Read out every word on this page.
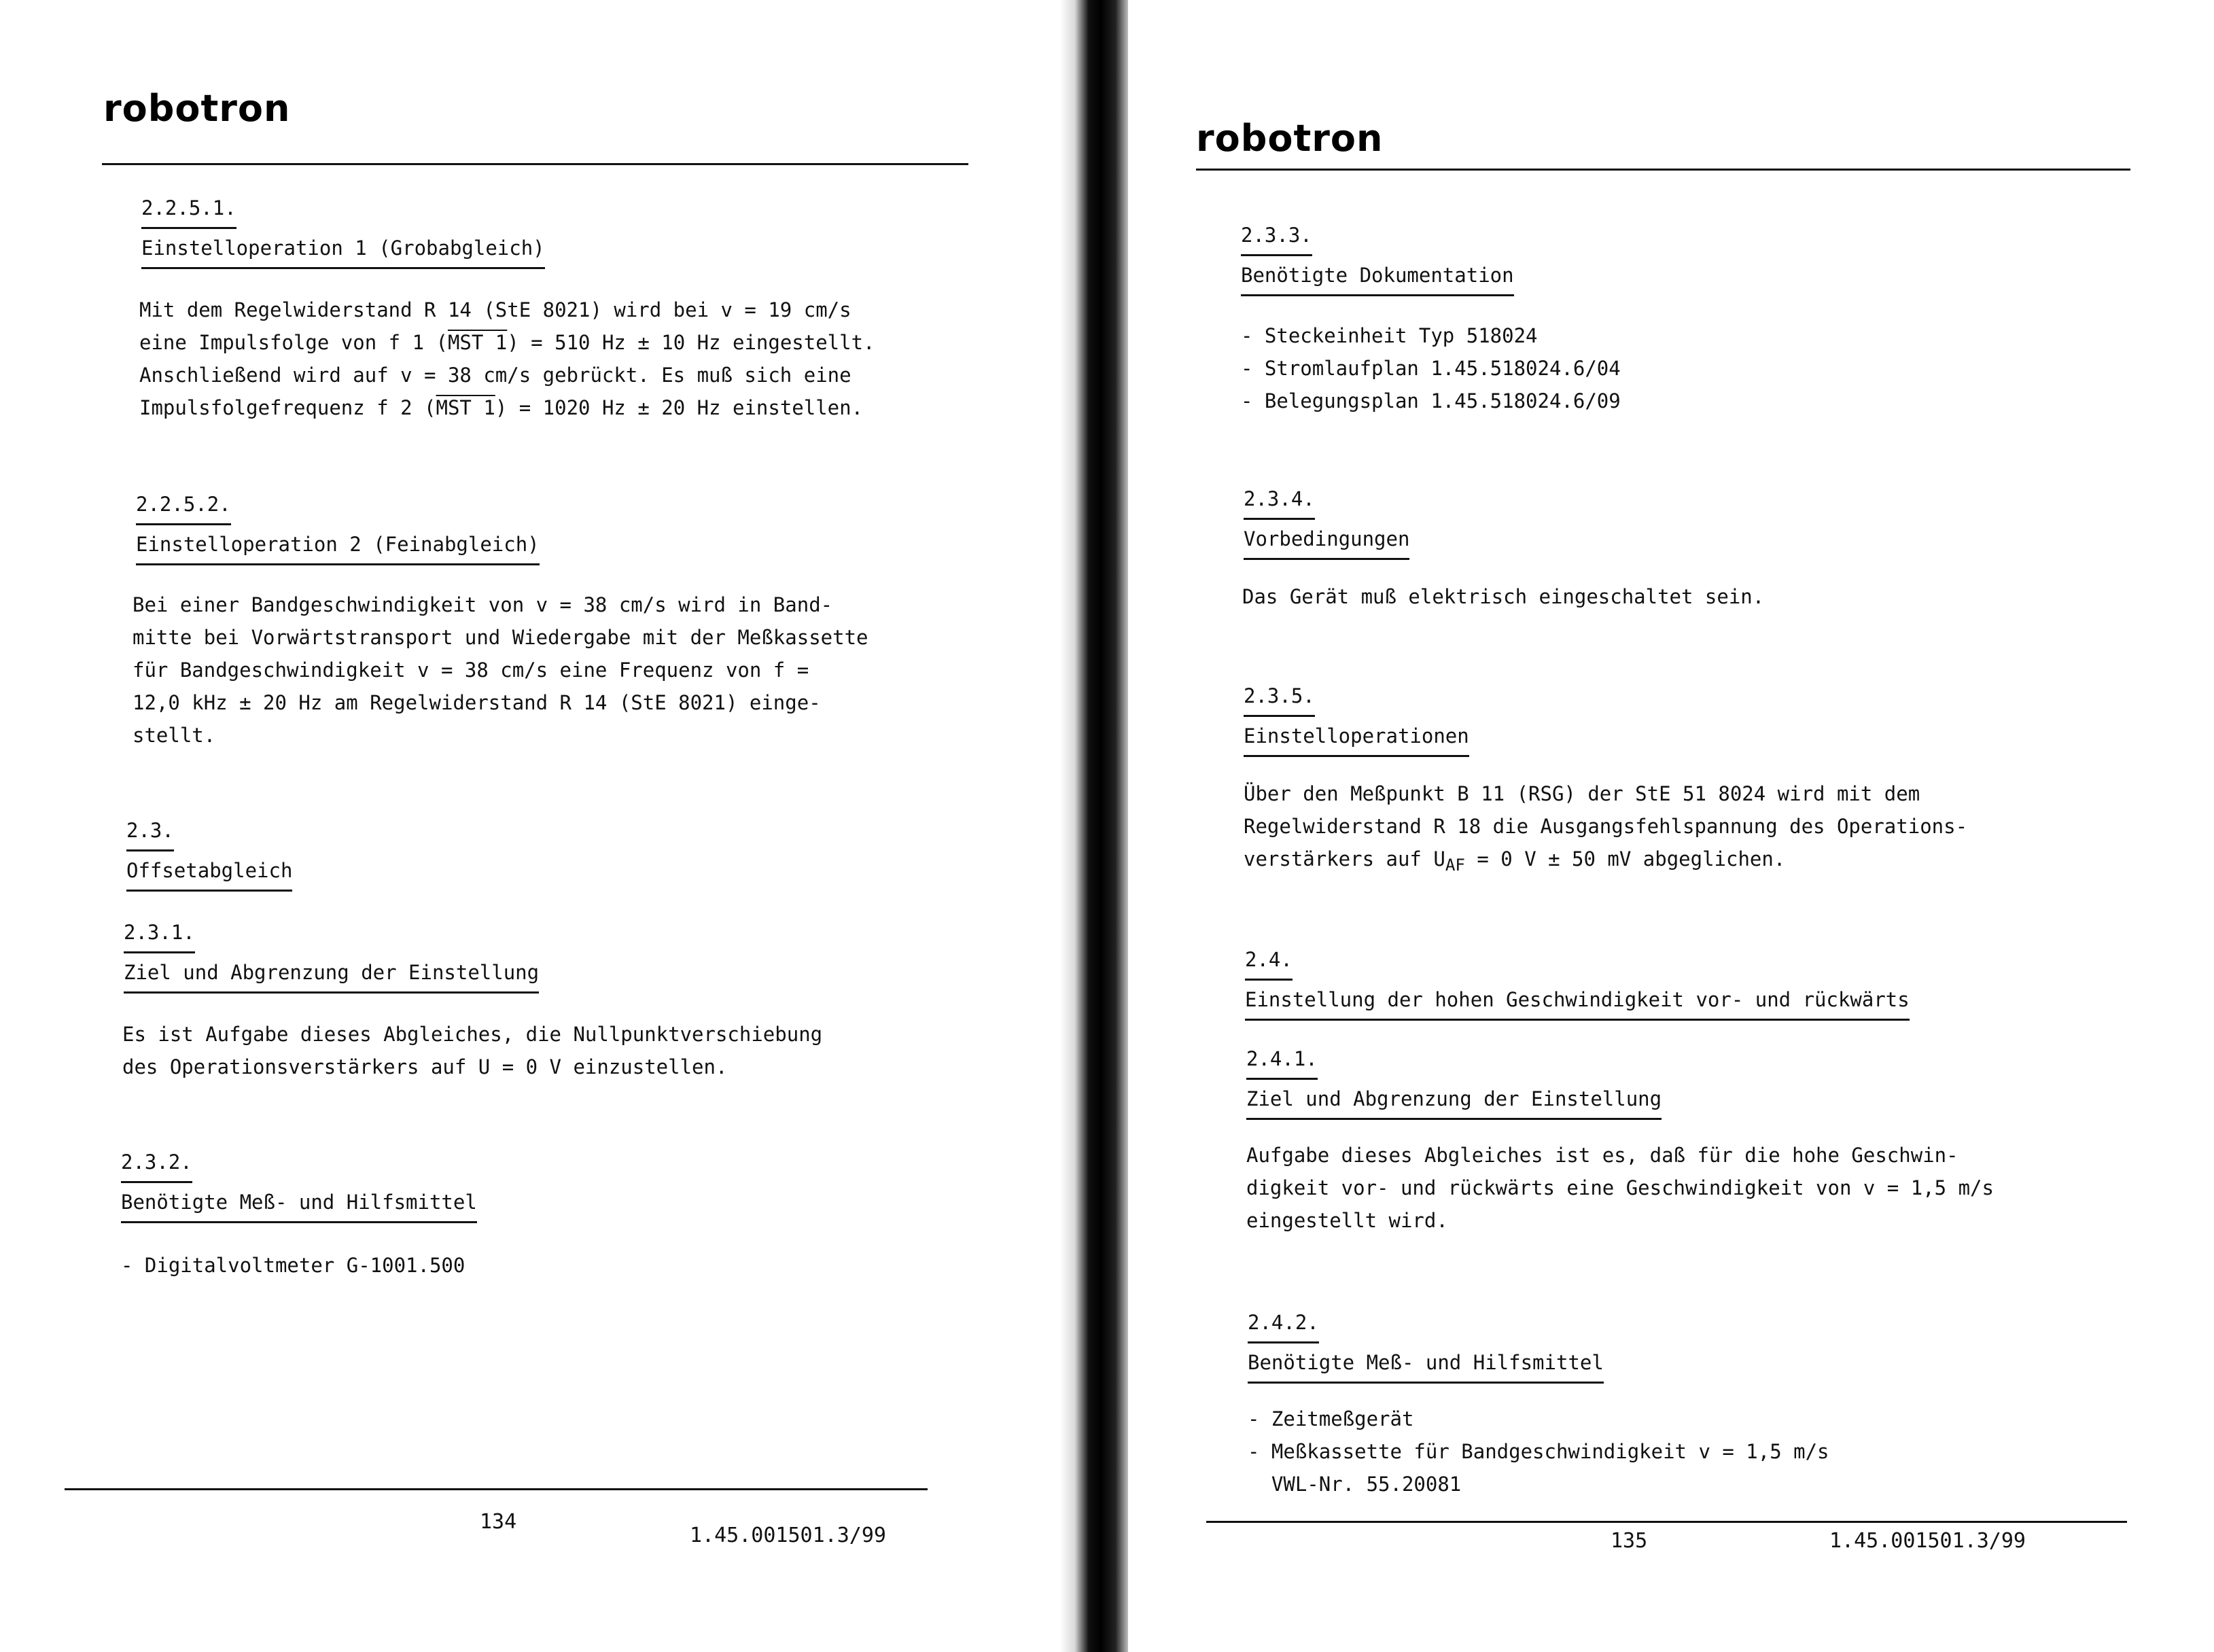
robotron
2.2.5.1.
Einstelloperation 1 (Grobabgleich)
Mit dem Regelwiderstand R 14 (StE 8021) wird bei v = 19 cm/s
eine Impulsfolge von f 1 (MST 1) = 510 Hz ± 10 Hz eingestellt.
Anschließend wird auf v = 38 cm/s gebrückt. Es muß sich eine
Impulsfolgefrequenz f 2 (MST 1) = 1020 Hz ± 20 Hz einstellen.
2.2.5.2.
Einstelloperation 2 (Feinabgleich)
Bei einer Bandgeschwindigkeit von v = 38 cm/s wird in Band-
mitte bei Vorwärtstransport und Wiedergabe mit der Meßkassette
für Bandgeschwindigkeit v = 38 cm/s eine Frequenz von f =
12,0 kHz ± 20 Hz am Regelwiderstand R 14 (StE 8021) einge-
stellt.
2.3.
Offsetabgleich
2.3.1.
Ziel und Abgrenzung der Einstellung
Es ist Aufgabe dieses Abgleiches, die Nullpunktverschiebung
des Operationsverstärkers auf U = 0 V einzustellen.
2.3.2.
Benötigte Meß- und Hilfsmittel
- Digitalvoltmeter G-1001.500
134
1.45.001501.3/99
robotron
2.3.3.
Benötigte Dokumentation
- Steckeinheit Typ 518024
- Stromlaufplan 1.45.518024.6/04
- Belegungsplan 1.45.518024.6/09
2.3.4.
Vorbedingungen
Das Gerät muß elektrisch eingeschaltet sein.
2.3.5.
Einstelloperationen
Über den Meßpunkt B 11 (RSG) der StE 51 8024 wird mit dem
Regelwiderstand R 18 die Ausgangsfehlspannung des Operations-
verstärkers auf $U_{AF} = 0$ V ± 50 mV abgeglichen.
2.4.
Einstellung der hohen Geschwindigkeit vor- und rückwärts
2.4.1.
Ziel und Abgrenzung der Einstellung
Aufgabe dieses Abgleiches ist es, daß für die hohe Geschwin-
digkeit vor- und rückwärts eine Geschwindigkeit von v = 1,5 m/s
eingestellt wird.
2.4.2.
Benötigte Meß- und Hilfsmittel
- Zeitmeßgerät
- Meßkassette für Bandgeschwindigkeit v = 1,5 m/s
VWL-Nr. 55.20081
135	1.45.001501.3/99
